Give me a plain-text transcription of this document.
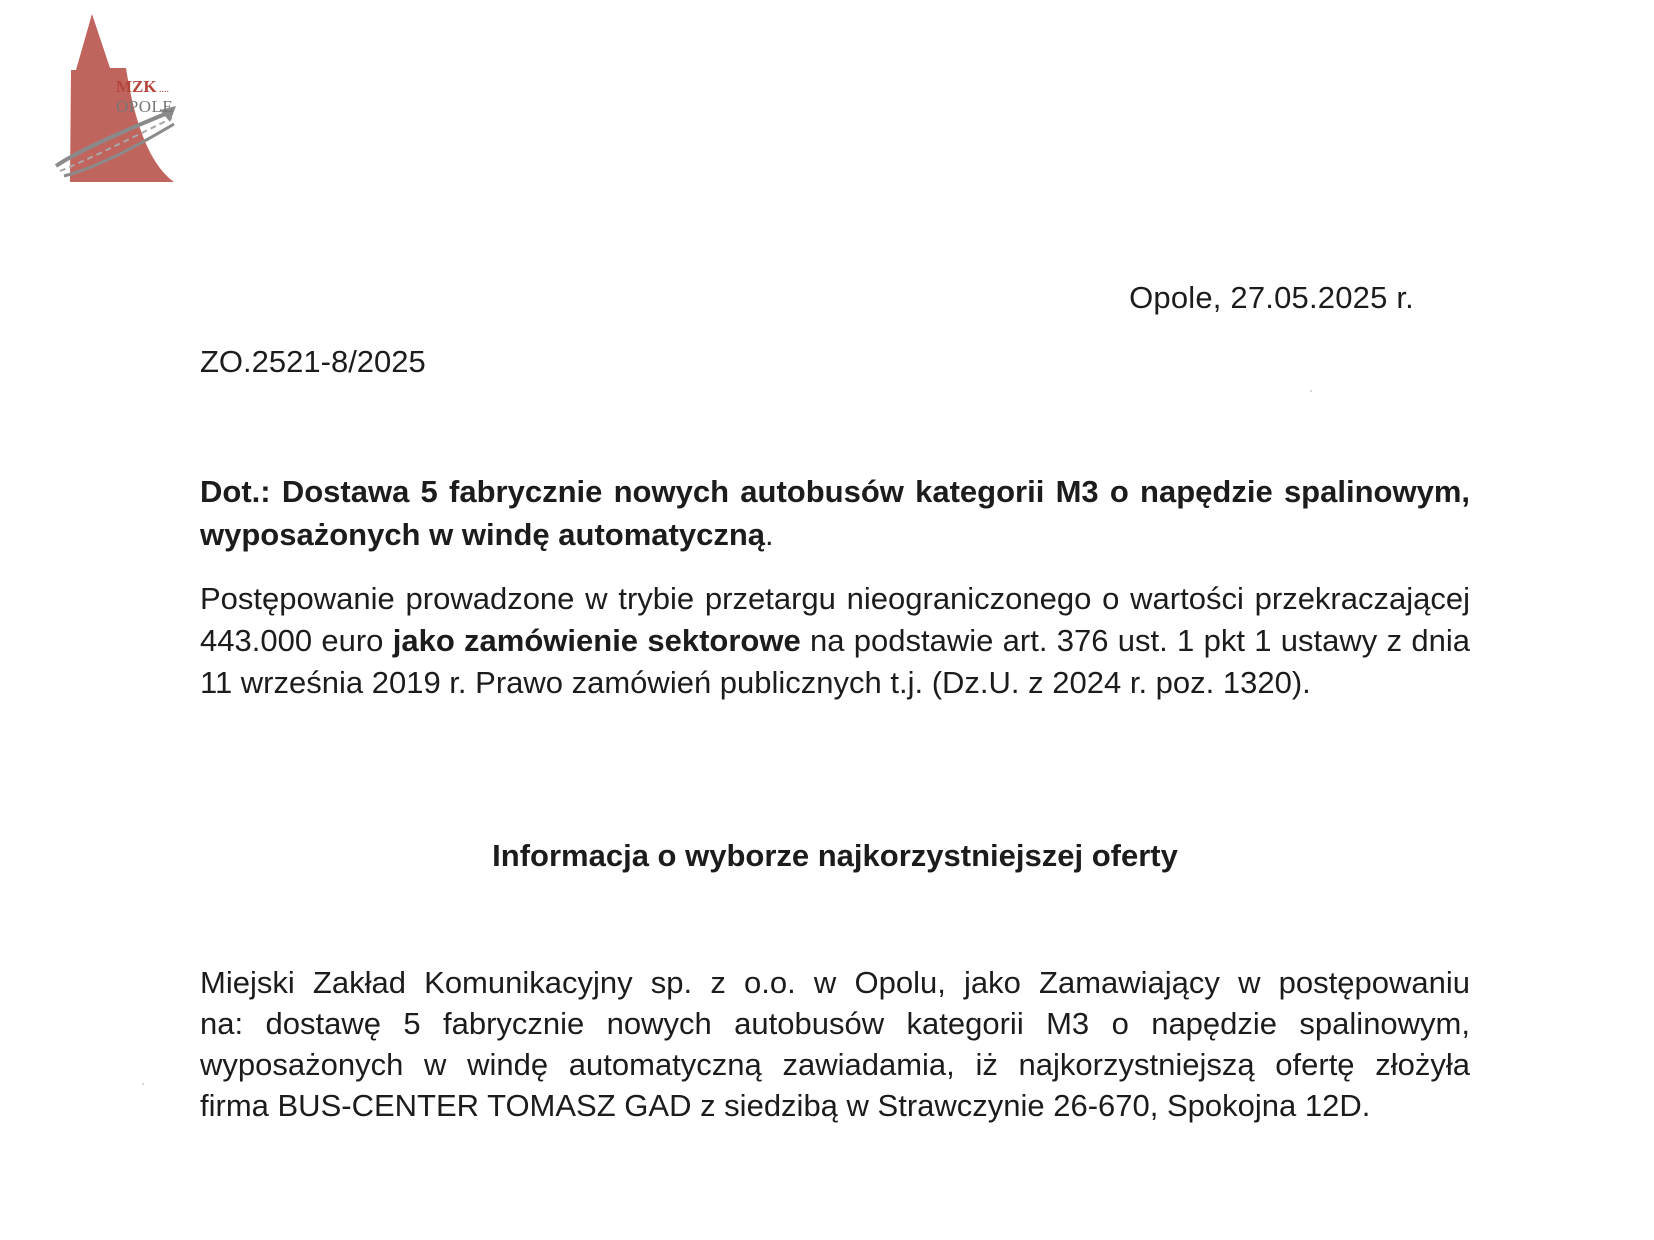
MZK ....
OPOLE
Opole, 27.05.2025 r.
ZO.2521-8/2025
Dot.: Dostawa 5 fabrycznie nowych autobusów kategorii M3 o napędzie spalinowym, wyposażonych w windę automatyczną.
Postępowanie prowadzone w trybie przetargu nieograniczonego o wartości przekraczającej 443.000 euro jako zamówienie sektorowe na podstawie art. 376 ust. 1 pkt 1 ustawy z dnia 11 września 2019 r. Prawo zamówień publicznych t.j. (Dz.U. z 2024 r. poz. 1320).
Informacja o wyborze najkorzystniejszej oferty
Miejski Zakład Komunikacyjny sp. z o.o. w Opolu, jako Zamawiający w postępowaniu
na: dostawę 5 fabrycznie nowych autobusów kategorii M3 o napędzie spalinowym,
wyposażonych w windę automatyczną zawiadamia, iż najkorzystniejszą ofertę złożyła
firma BUS-CENTER TOMASZ GAD z siedzibą w Strawczynie 26-670, Spokojna 12D.
